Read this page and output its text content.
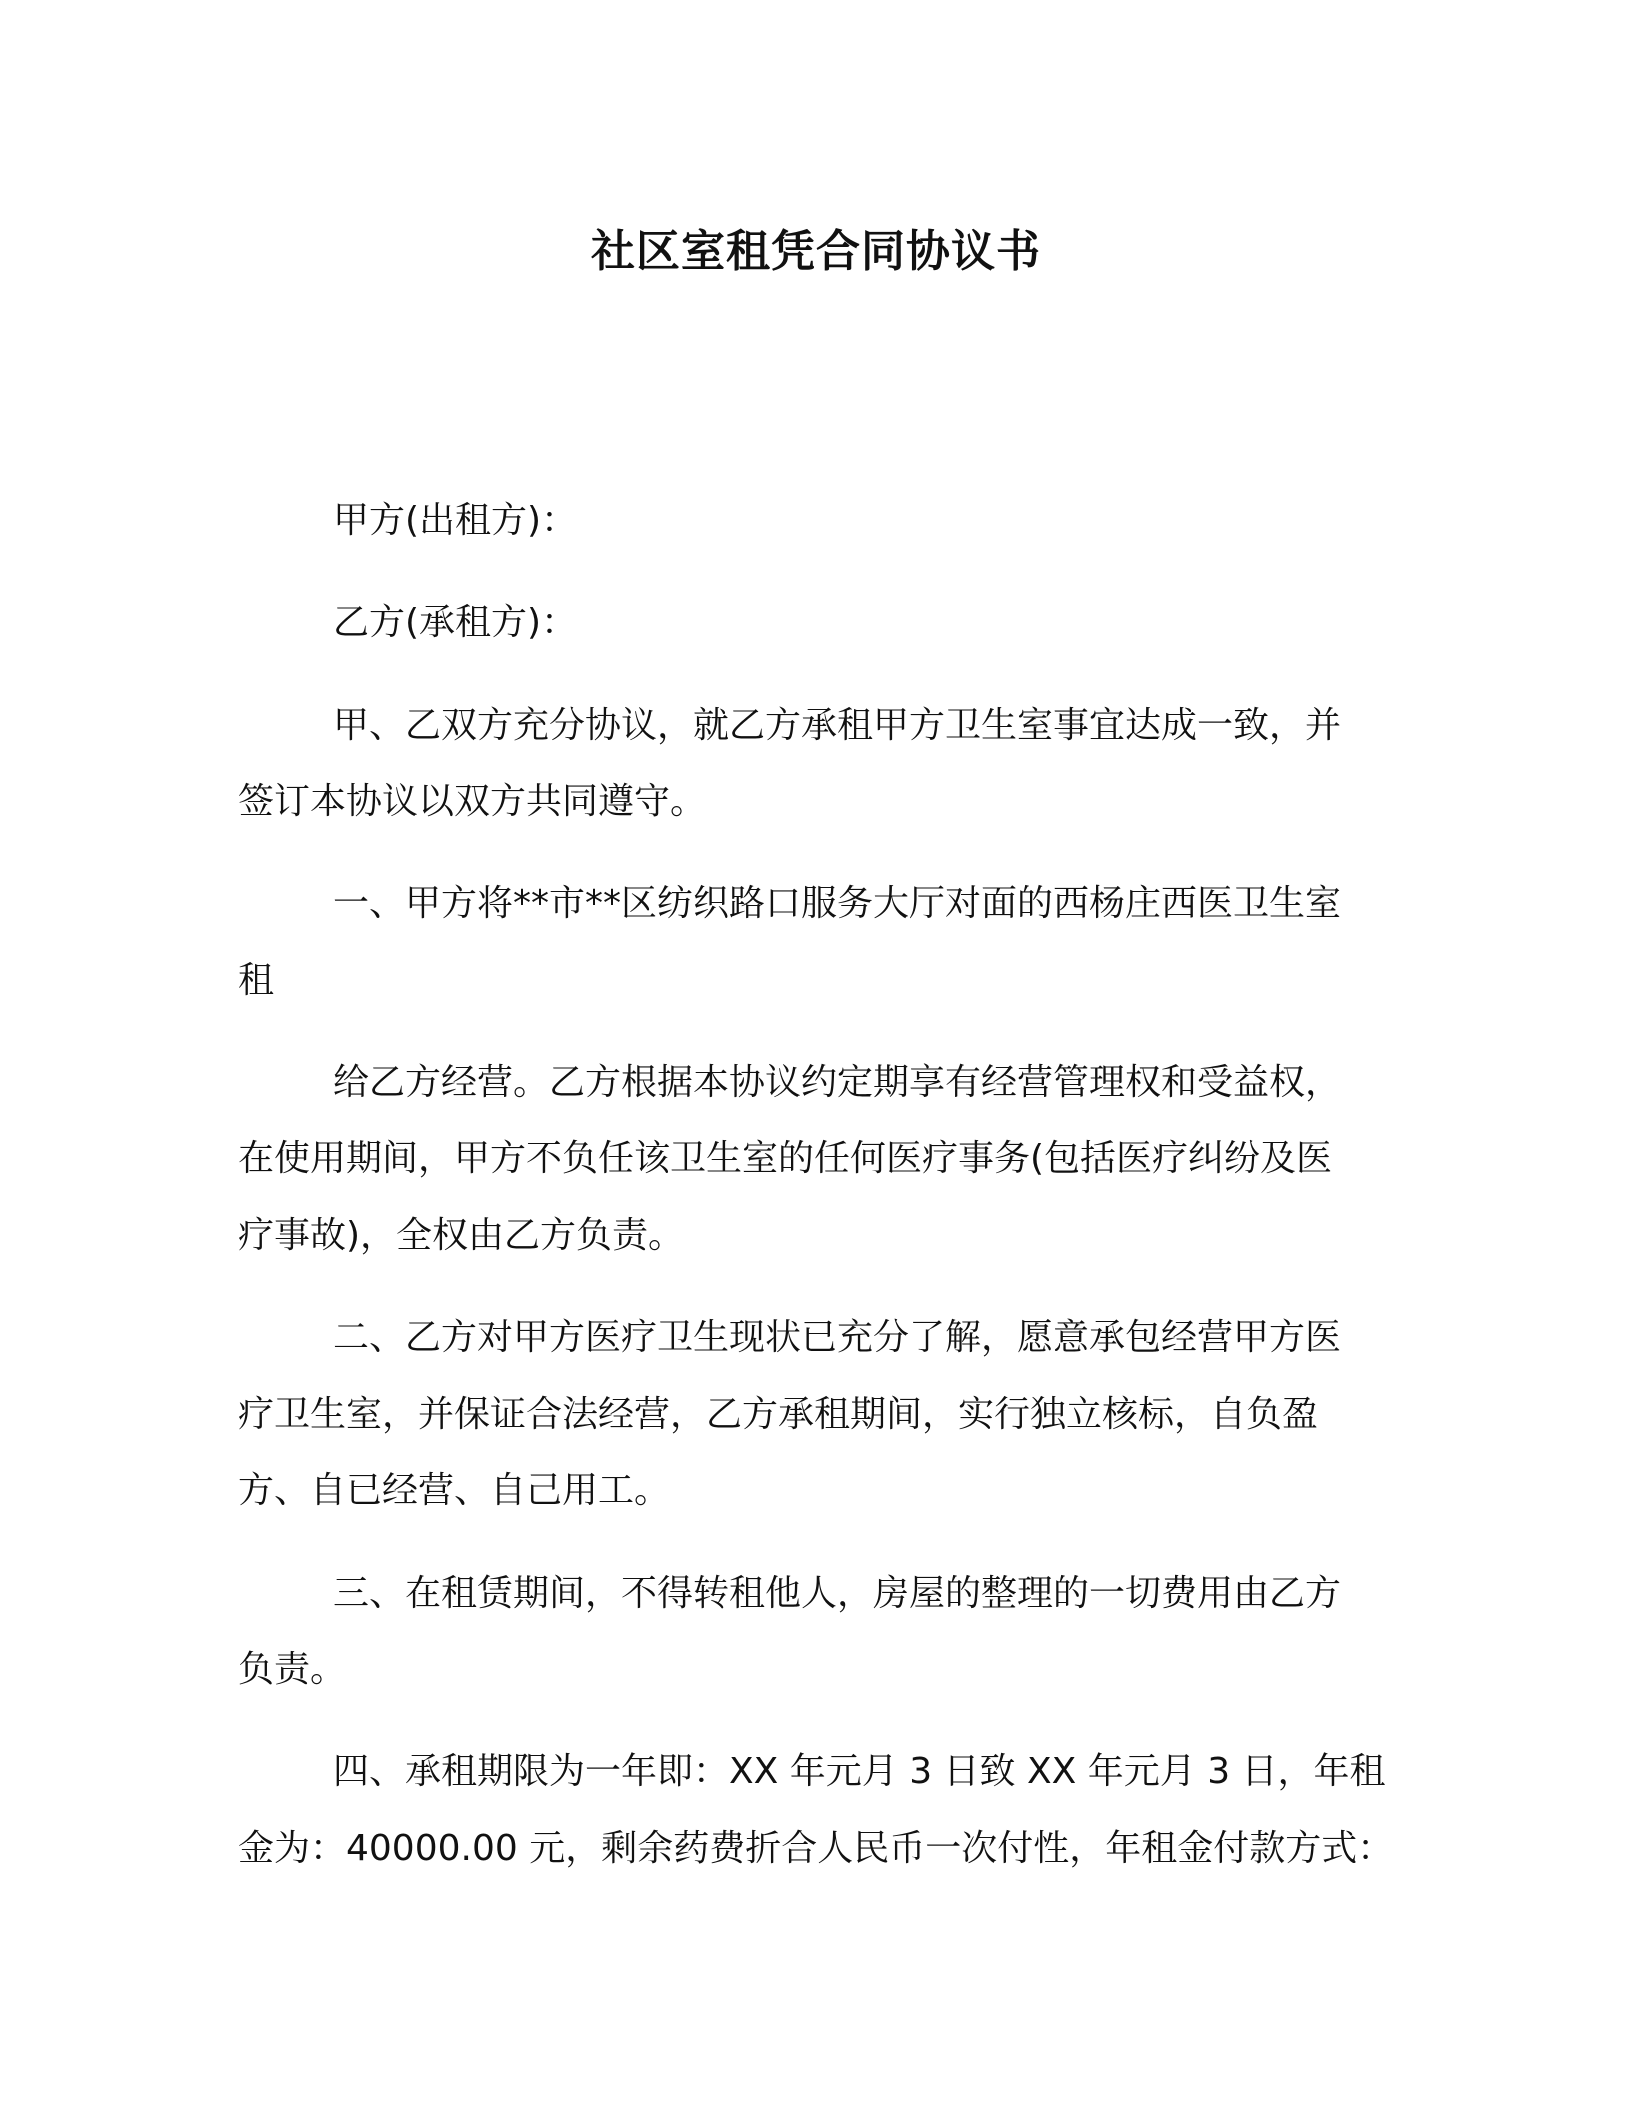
社区室租凭合同协议书
甲方(出租方)：
乙方(承租方)：
甲、乙双方充分协议，就乙方承租甲方卫生室事宜达成一致，并
签订本协议以双方共同遵守。
一、甲方将**市**区纺织路口服务大厅对面的西杨庄西医卫生室
租
给乙方经营。乙方根据本协议约定期享有经营管理权和受益权，
在使用期间，甲方不负任该卫生室的任何医疗事务(包括医疗纠纷及医
疗事故)，全权由乙方负责。
二、乙方对甲方医疗卫生现状已充分了解，愿意承包经营甲方医
疗卫生室，并保证合法经营，乙方承租期间，实行独立核标，自负盈
方、自已经营、自己用工。
三、在租赁期间，不得转租他人，房屋的整理的一切费用由乙方
负责。
四、承租期限为一年即：XX 年元月 3 日致 XX 年元月 3 日，年租
金为：40000.00 元，剩余药费折合人民币一次付性，年租金付款方式：
